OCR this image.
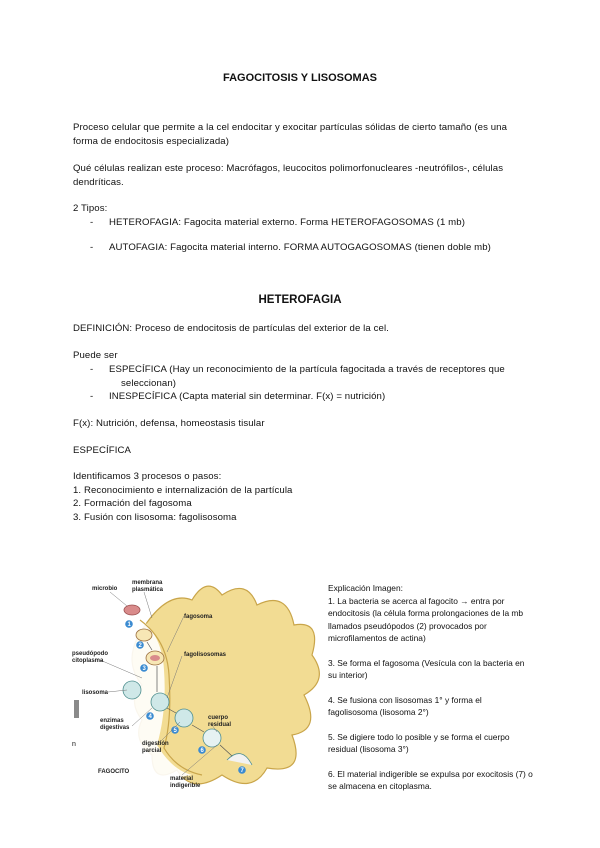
FAGOCITOSIS Y LISOSOMAS
Proceso celular que permite a la cel endocitar y exocitar partículas sólidas de cierto tamaño (es una
forma de endocitosis especializada)
Qué células realizan este proceso: Macrófagos, leucocitos polimorfonucleares -neutrófilos-, células
dendríticas.
2 Tipos:
- HETEROFAGIA: Fagocita material externo. Forma HETEROFAGOSOMAS (1 mb)
- AUTOFAGIA: Fagocita material interno. FORMA AUTOGAGOSOMAS (tienen doble mb)
HETEROFAGIA
DEFINICIÓN: Proceso de endocitosis de partículas del exterior de la cel.
Puede ser
- ESPECÍFICA (Hay un reconocimiento de la partícula fagocitada a través de receptores que
seleccionan)
- INESPECÍFICA (Capta material sin determinar. F(x) = nutrición)
F(x): Nutrición, defensa, homeostasis tisular
ESPECÍFICA
Identificamos 3 procesos o pasos:
1. Reconocimiento e internalización de la partícula
2. Formación del fagosoma
3. Fusión con lisosoma: fagolisosoma
1
2
3
4
5
6
7
microbio
membrana
plasmática
fagosoma
pseudópodo
citoplasma
fagolisosomas
lisosoma
enzimas
digestivas
digestión
parcial
cuerpo
residual
material
indigerible
FAGOCITO
n
Explicación Imagen:
1. La bacteria se acerca al fagocito → entra por
endocitosis (la célula forma prolongaciones de la mb
llamados pseudópodos (2) provocados por
microfilamentos de actina)
3. Se forma el fagosoma (Vesícula con la bacteria en
su interior)
4. Se fusiona con lisosomas 1° y forma el
fagolisosoma (lisosoma 2°)
5. Se digiere todo lo posible y se forma el cuerpo
residual (lisosoma 3°)
6. El material indigerible se expulsa por exocitosis (7) o
se almacena en citoplasma.
